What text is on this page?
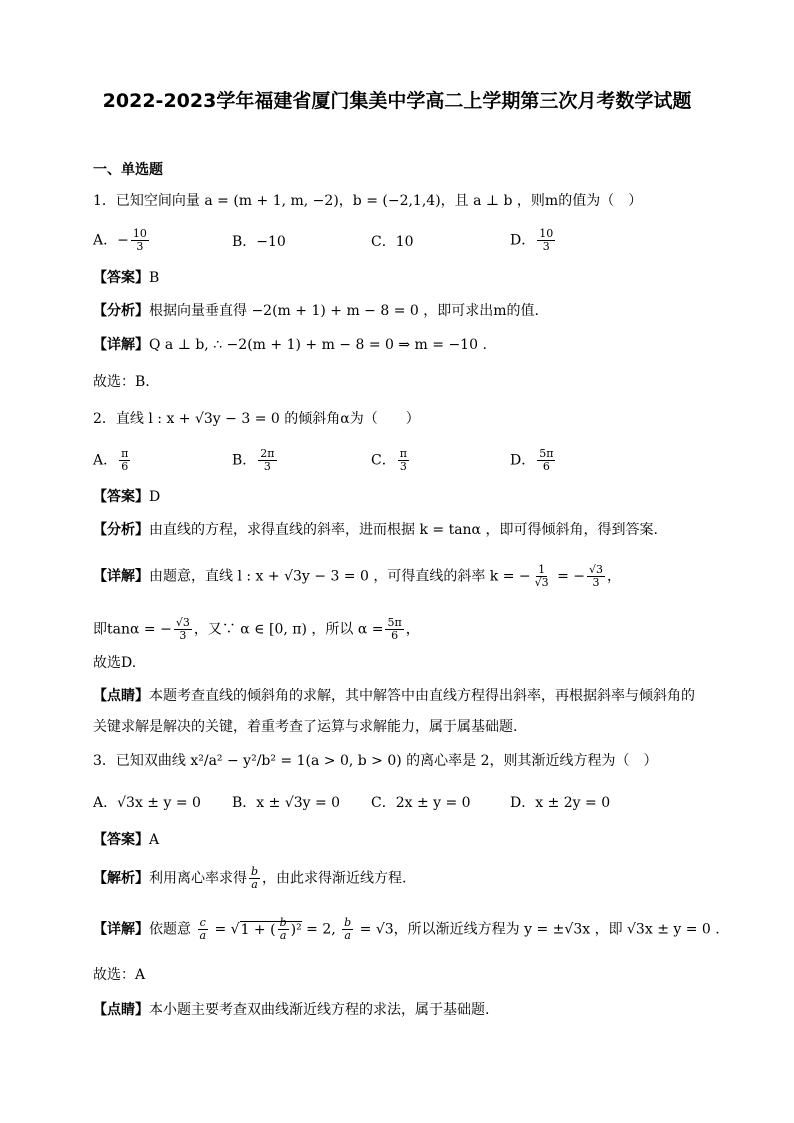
2022-2023学年福建省厦门集美中学高二上学期第三次月考数学试题
一、单选题
1．已知空间向量 a = (m + 1, m, −2)，b = (−2,1,4)，且 a ⊥ b ，则m的值为（　）
A．− $\frac{10}{3}$	B．−10	C．10	D． $\frac{10}{3}$
【答案】B
【分析】根据向量垂直得 −2(m + 1) + m − 8 = 0 ，即可求出m的值.
【详解】Q a ⊥ b, ∴ −2(m + 1) + m − 8 = 0 ⇒ m = −10 .
故选：B.
2．直线 l : x + √3y − 3 = 0 的倾斜角α为（　　）
A． $\frac{\pi}{6}$	B． $\frac{2\pi}{3}$	C． $\frac{\pi}{3}$	D． $\frac{5\pi}{6}$
【答案】D
【分析】由直线的方程，求得直线的斜率，进而根据 k = tanα ，即可得倾斜角，得到答案.
【详解】由题意，直线 l : x + √3y − 3 = 0 ，可得直线的斜率 k = − $\frac{1}{√3}$ = − $\frac{√3}{3}$ ，
即tanα = − $\frac{√3}{3}$ ，又∵ α ∈ [0, π) ，所以 $\alpha = \frac{5\pi}{6}$ ，
故选D.
【点睛】本题考查直线的倾斜角的求解，其中解答中由直线方程得出斜率，再根据斜率与倾斜角的
关键求解是解决的关键，着重考查了运算与求解能力，属于属基础题.
3．已知双曲线 x²/a² − y²/b² = 1(a > 0, b > 0) 的离心率是 2，则其渐近线方程为（　）
A．√3x ± y = 0 B．x ± √3y = 0 C．2x ± y = 0	D．x ± 2y = 0
【答案】A
【解析】利用离心率求得 $\frac{b}{a}$ ，由此求得渐近线方程.
【详解】依题意 $\frac{c}{a} = √1$ + ( $\frac{b}{a} )^2 = 2$, $\frac{b}{a} = √3$，所以渐近线方程为 y = ±√3x ，即 √3x ± y = 0 .
故选：A
【点睛】本小题主要考查双曲线渐近线方程的求法，属于基础题.
